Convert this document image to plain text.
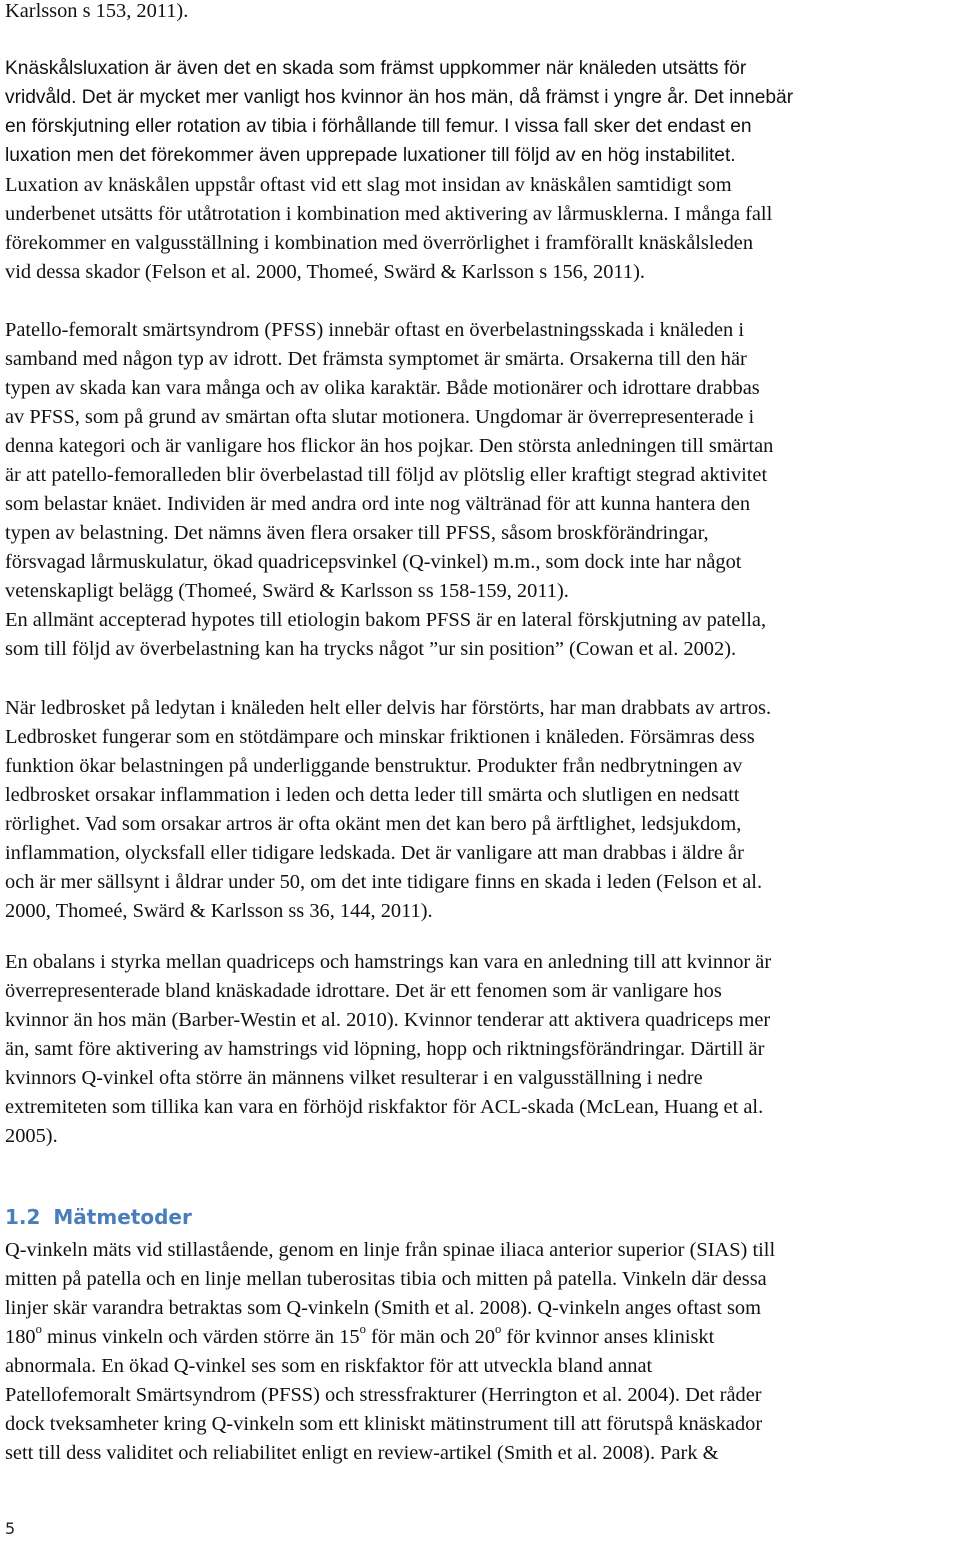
Karlsson s 153, 2011).
Knäskålsluxation är även det en skada som främst uppkommer när knäleden utsätts för
vridvåld. Det är mycket mer vanligt hos kvinnor än hos män, då främst i yngre år. Det innebär
en förskjutning eller rotation av tibia i förhållande till femur. I vissa fall sker det endast en
luxation men det förekommer även upprepade luxationer till följd av en hög instabilitet.
Luxation av knäskålen uppstår oftast vid ett slag mot insidan av knäskålen samtidigt som
underbenet utsätts för utåtrotation i kombination med aktivering av lårmusklerna. I många fall
förekommer en valgusställning i kombination med överrörlighet i framförallt knäskålsleden
vid dessa skador (Felson et al. 2000, Thomeé, Swärd & Karlsson s 156, 2011).
Patello-femoralt smärtsyndrom (PFSS) innebär oftast en överbelastningsskada i knäleden i
samband med någon typ av idrott. Det främsta symptomet är smärta. Orsakerna till den här
typen av skada kan vara många och av olika karaktär. Både motionärer och idrottare drabbas
av PFSS, som på grund av smärtan ofta slutar motionera. Ungdomar är överrepresenterade i
denna kategori och är vanligare hos flickor än hos pojkar. Den största anledningen till smärtan
är att patello-femoralleden blir överbelastad till följd av plötslig eller kraftigt stegrad aktivitet
som belastar knäet. Individen är med andra ord inte nog vältränad för att kunna hantera den
typen av belastning. Det nämns även flera orsaker till PFSS, såsom broskförändringar,
försvagad lårmuskulatur, ökad quadricepsvinkel (Q-vinkel) m.m., som dock inte har något
vetenskapligt belägg (Thomeé, Swärd & Karlsson ss 158-159, 2011).
En allmänt accepterad hypotes till etiologin bakom PFSS är en lateral förskjutning av patella,
som till följd av överbelastning kan ha trycks något ”ur sin position” (Cowan et al. 2002).
När ledbrosket på ledytan i knäleden helt eller delvis har förstörts, har man drabbats av artros.
Ledbrosket fungerar som en stötdämpare och minskar friktionen i knäleden. Försämras dess
funktion ökar belastningen på underliggande benstruktur. Produkter från nedbrytningen av
ledbrosket orsakar inflammation i leden och detta leder till smärta och slutligen en nedsatt
rörlighet. Vad som orsakar artros är ofta okänt men det kan bero på ärftlighet, ledsjukdom,
inflammation, olycksfall eller tidigare ledskada. Det är vanligare att man drabbas i äldre år
och är mer sällsynt i åldrar under 50, om det inte tidigare finns en skada i leden (Felson et al.
2000, Thomeé, Swärd & Karlsson ss 36, 144, 2011).
En obalans i styrka mellan quadriceps och hamstrings kan vara en anledning till att kvinnor är
överrepresenterade bland knäskadade idrottare. Det är ett fenomen som är vanligare hos
kvinnor än hos män (Barber-Westin et al. 2010). Kvinnor tenderar att aktivera quadriceps mer
än, samt före aktivering av hamstrings vid löpning, hopp och riktningsförändringar. Därtill är
kvinnors Q-vinkel ofta större än männens vilket resulterar i en valgusställning i nedre
extremiteten som tillika kan vara en förhöjd riskfaktor för ACL-skada (McLean, Huang et al.
2005).
1.2 Mätmetoder
Q-vinkeln mäts vid stillastående, genom en linje från spinae iliaca anterior superior (SIAS) till
mitten på patella och en linje mellan tuberositas tibia och mitten på patella. Vinkeln där dessa
linjer skär varandra betraktas som Q-vinkeln (Smith et al. 2008). Q-vinkeln anges oftast som
180$^o$ minus vinkeln och värden större än 15$^o$ för män och 20$^o$ för kvinnor anses kliniskt
abnormala. En ökad Q-vinkel ses som en riskfaktor för att utveckla bland annat
Patellofemoralt Smärtsyndrom (PFSS) och stressfrakturer (Herrington et al. 2004). Det råder
dock tveksamheter kring Q-vinkeln som ett kliniskt mätinstrument till att förutspå knäskador
sett till dess validitet och reliabilitet enligt en review-artikel (Smith et al. 2008). Park &
5
